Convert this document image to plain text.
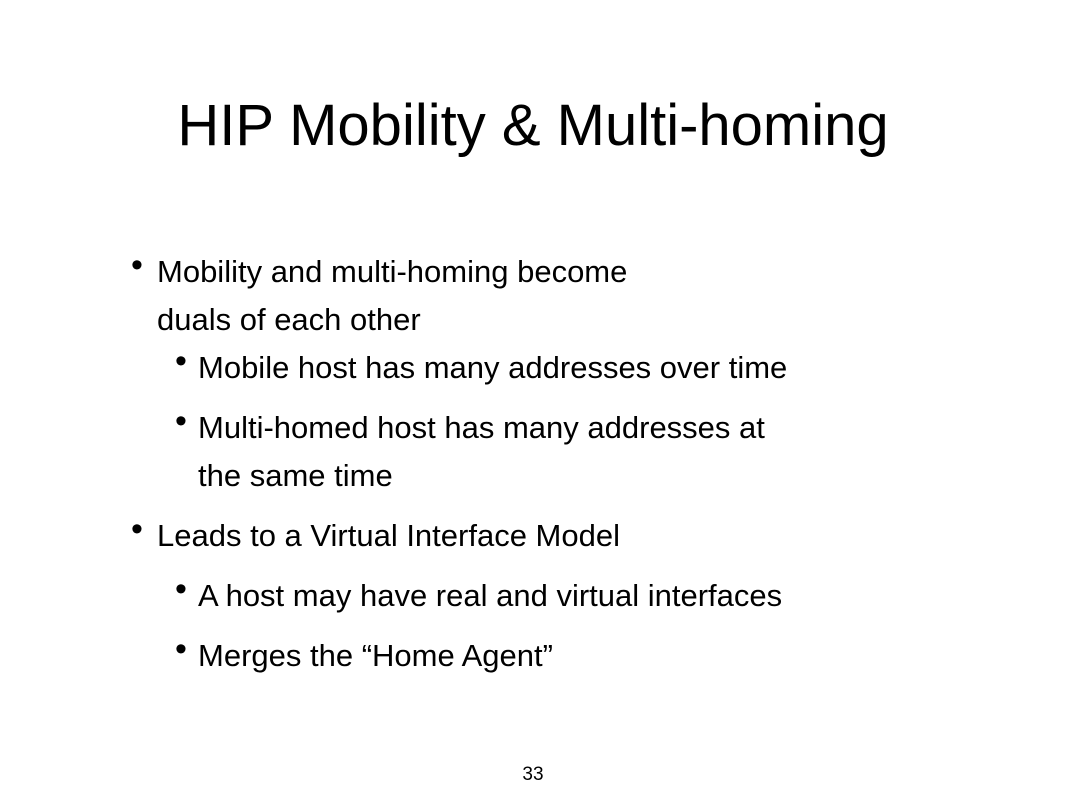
HIP Mobility & Multi-homing
• Mobility and multi-homing become
duals of each other
• Mobile host has many addresses over time
• Multi-homed host has many addresses at
the same time
• Leads to a Virtual Interface Model
• A host may have real and virtual interfaces
• Merges the “Home Agent”
33
